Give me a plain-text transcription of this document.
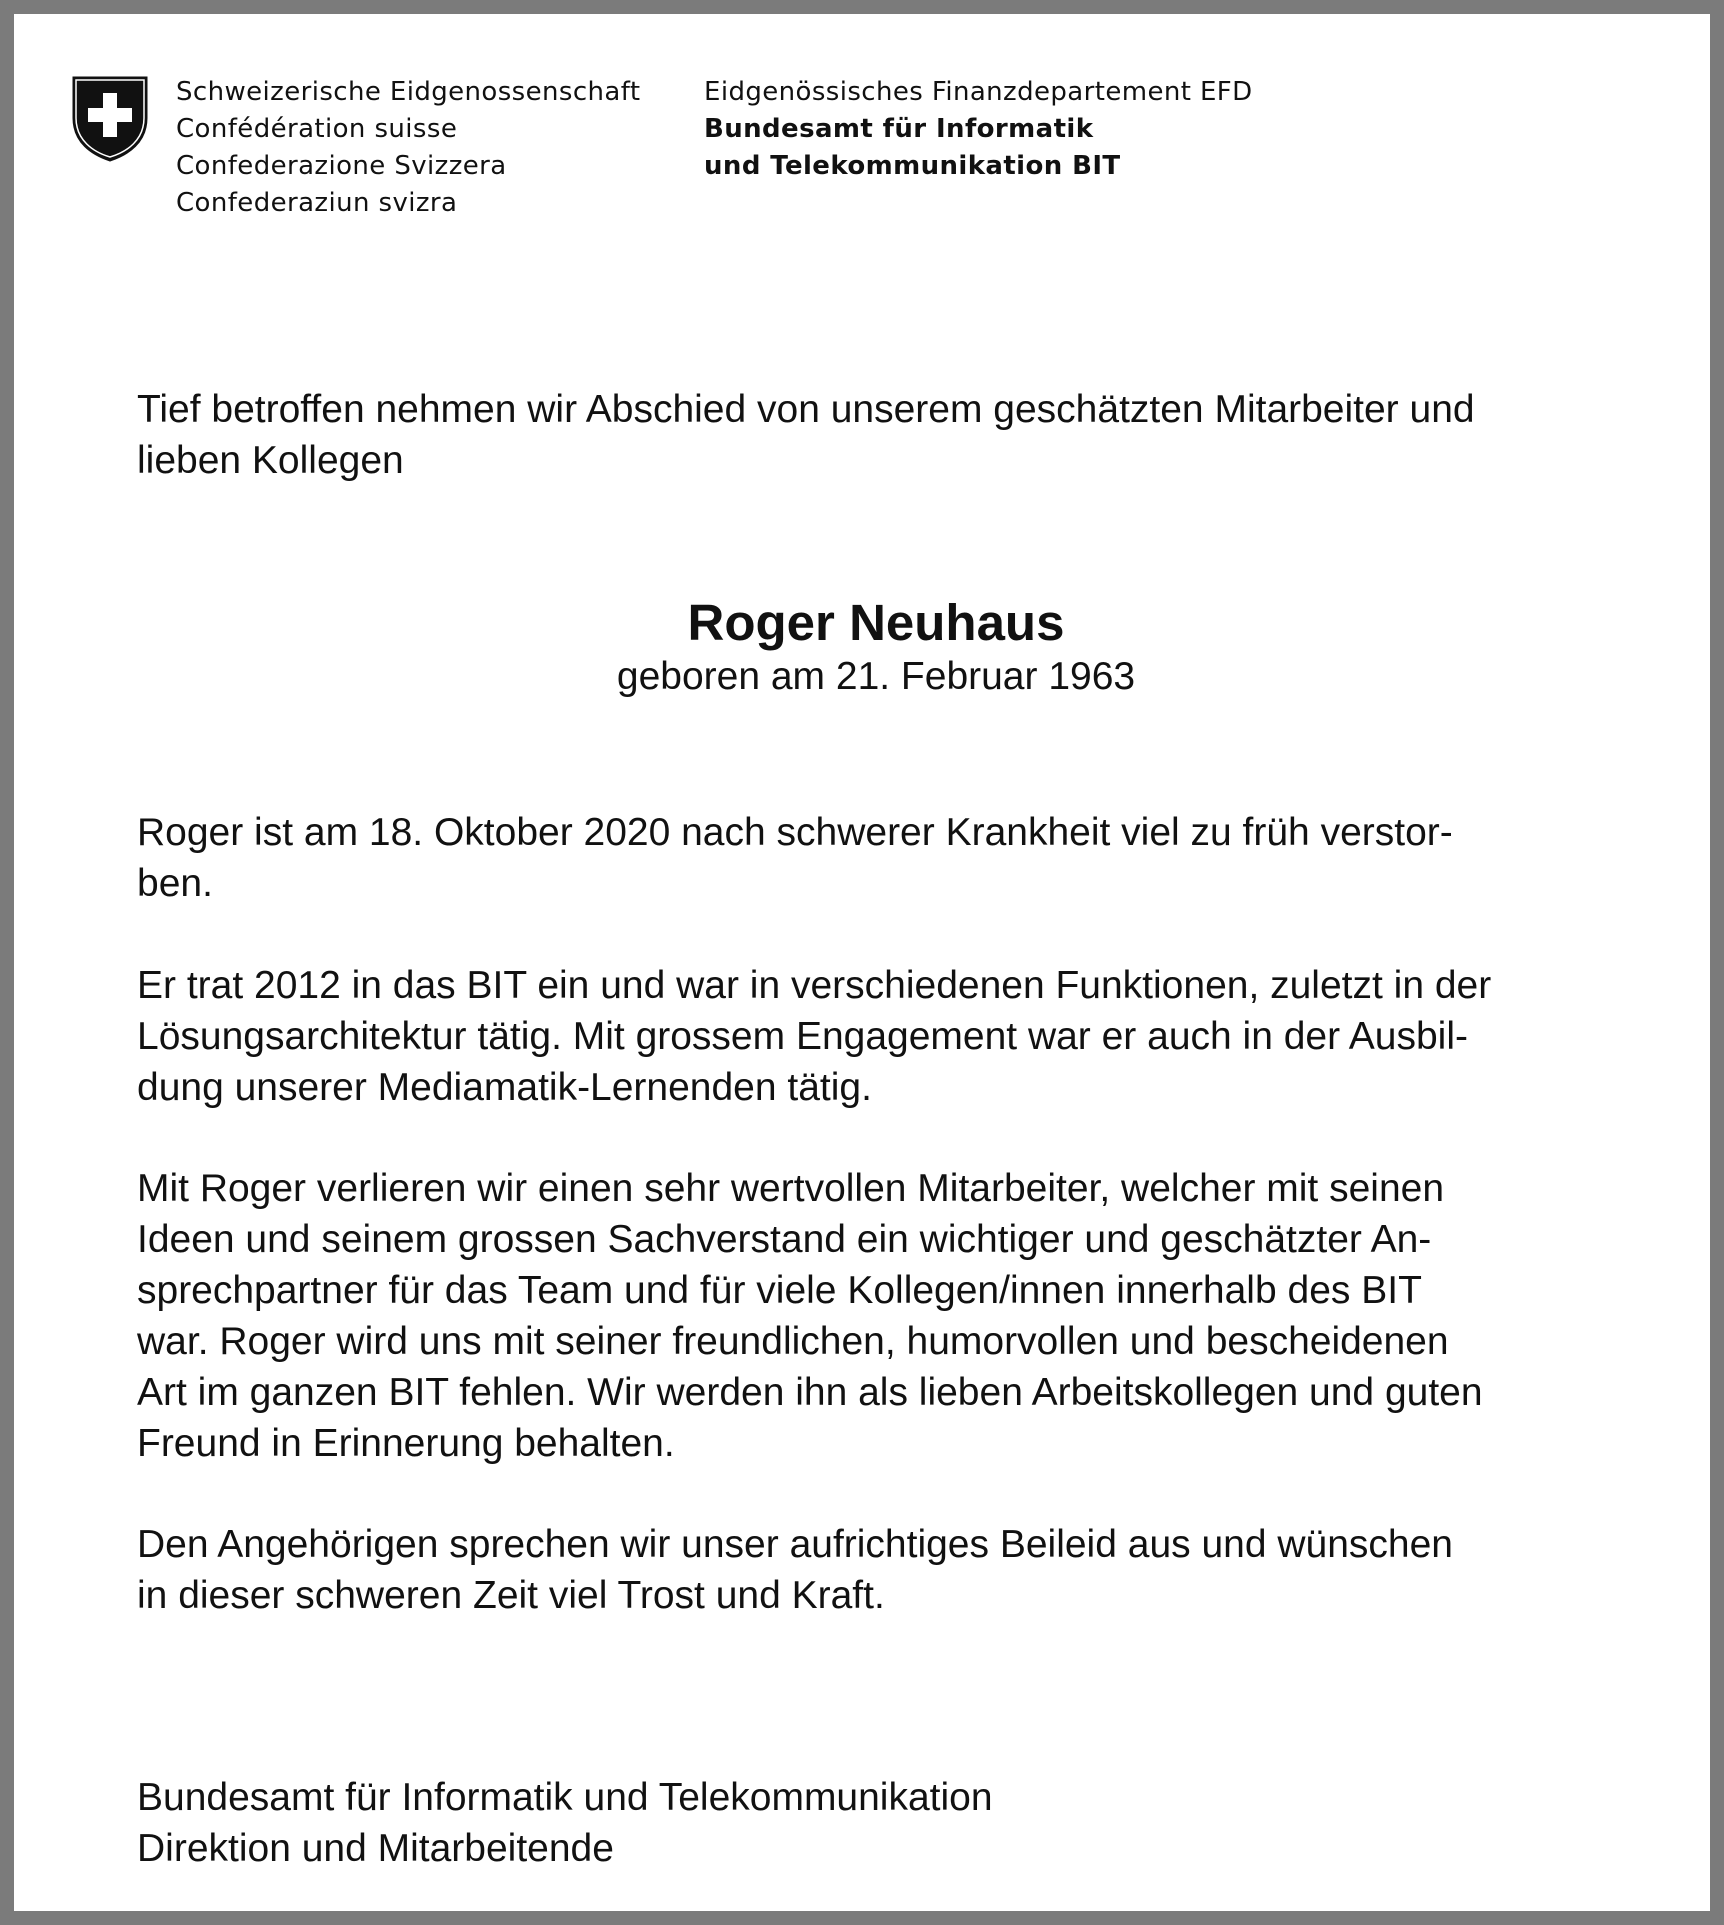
Schweizerische Eidgenossenschaft
Confédération suisse
Confederazione Svizzera
Confederaziun svizra
Eidgenössisches Finanzdepartement EFD
Bundesamt für Informatik
und Telekommunikation BIT
Tief betroffen nehmen wir Abschied von unserem geschätzten Mitarbeiter und
lieben Kollegen
Roger Neuhaus
geboren am 21. Februar 1963
Roger ist am 18. Oktober 2020 nach schwerer Krankheit viel zu früh verstor-
ben.
Er trat 2012 in das BIT ein und war in verschiedenen Funktionen, zuletzt in der
Lösungsarchitektur tätig. Mit grossem Engagement war er auch in der Ausbil-
dung unserer Mediamatik-Lernenden tätig.
Mit Roger verlieren wir einen sehr wertvollen Mitarbeiter, welcher mit seinen
Ideen und seinem grossen Sachverstand ein wichtiger und geschätzter An-
sprechpartner für das Team und für viele Kollegen/innen innerhalb des BIT
war. Roger wird uns mit seiner freundlichen, humorvollen und bescheidenen
Art im ganzen BIT fehlen. Wir werden ihn als lieben Arbeitskollegen und guten
Freund in Erinnerung behalten.
Den Angehörigen sprechen wir unser aufrichtiges Beileid aus und wünschen
in dieser schweren Zeit viel Trost und Kraft.
Bundesamt für Informatik und Telekommunikation
Direktion und Mitarbeitende
